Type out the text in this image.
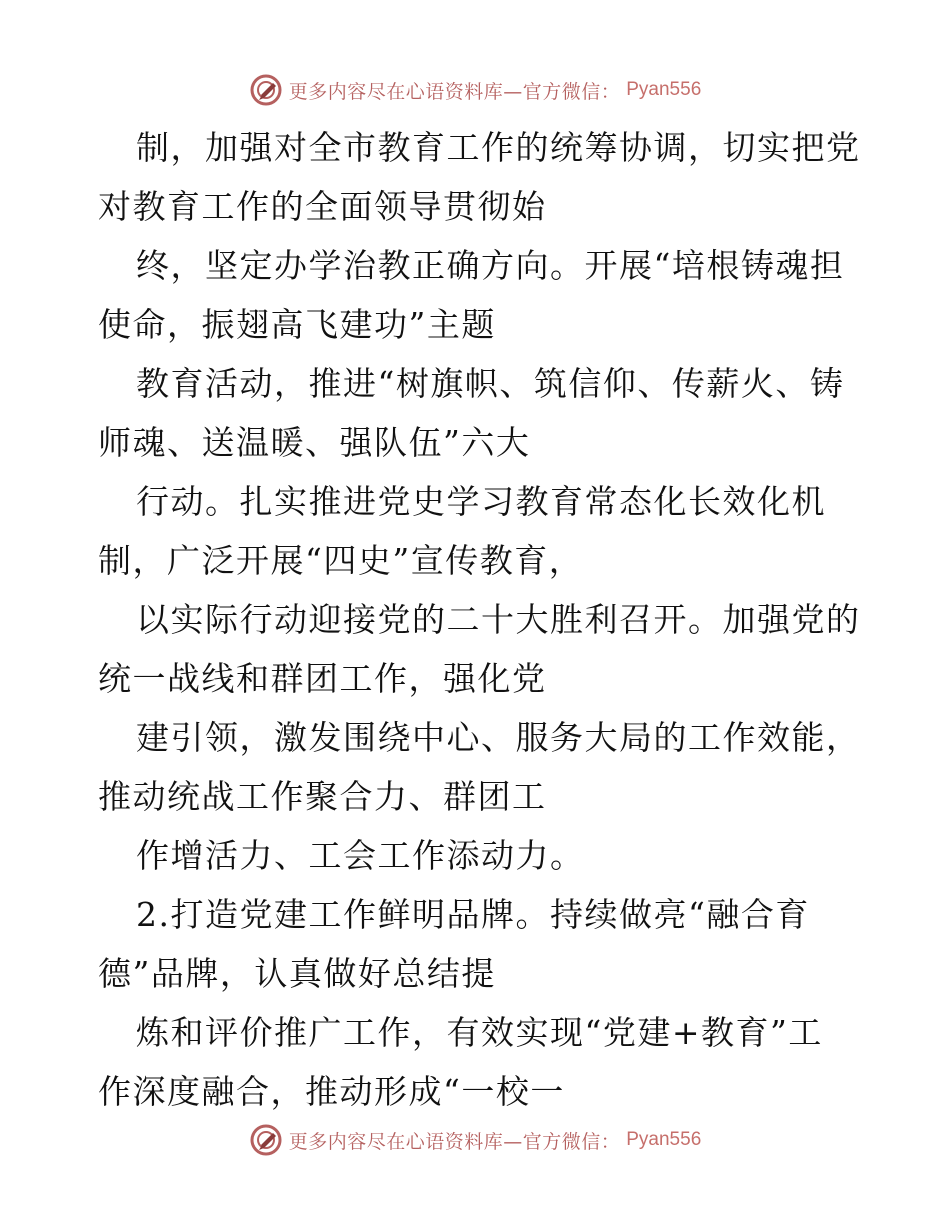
更多内容尽在心语资料库—官方微信： Pyan556
制，加强对全市教育工作的统筹协调，切实把党
对教育工作的全面领导贯彻始
终，坚定办学治教正确方向。开展“培根铸魂担
使命，振翅高飞建功”主题
教育活动，推进“树旗帜、筑信仰、传薪火、铸
师魂、送温暖、强队伍”六大
行动。扎实推进党史学习教育常态化长效化机
制，广泛开展“四史”宣传教育，
以实际行动迎接党的二十大胜利召开。加强党的
统一战线和群团工作，强化党
建引领，激发围绕中心、服务大局的工作效能，
推动统战工作聚合力、群团工
作增活力、工会工作添动力。
2.打造党建工作鲜明品牌。持续做亮“融合育
德”品牌，认真做好总结提
炼和评价推广工作，有效实现“党建+教育”工
作深度融合，推动形成“一校一
更多内容尽在心语资料库—官方微信： Pyan556
